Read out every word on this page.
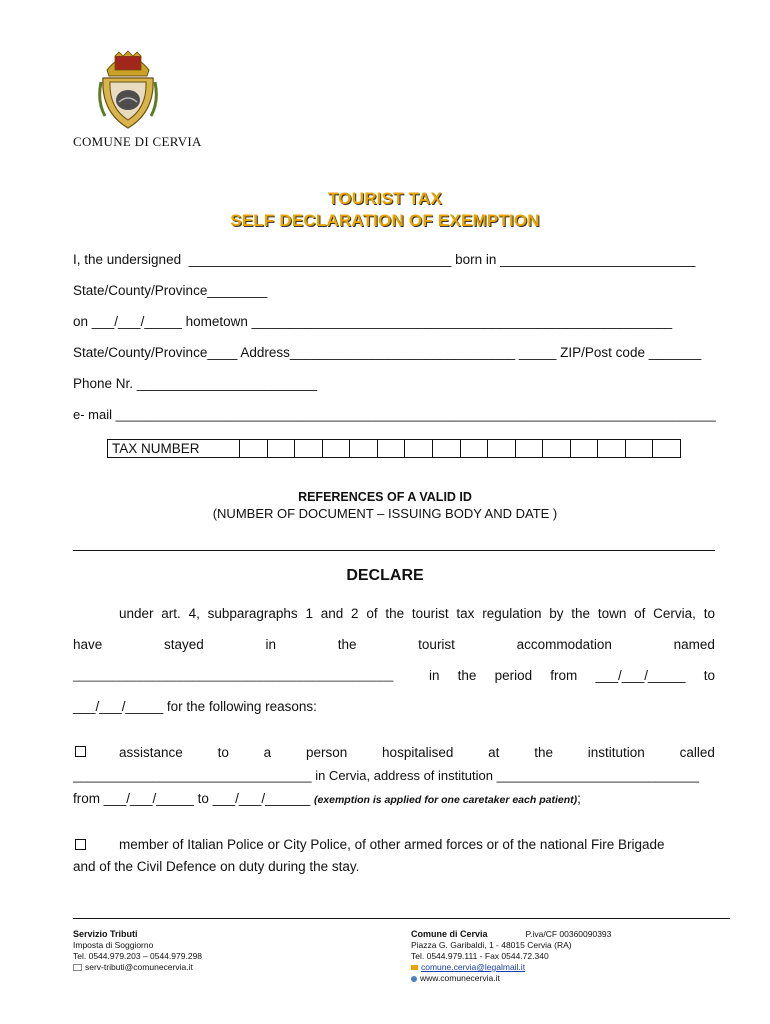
COMUNE DI CERVIA
TOURIST TAX
SELF DECLARATION OF EXEMPTION
I, the undersigned  ___________________________________ born in __________________________
State/County/Province________
on ___/___/_____ hometown ________________________________________________________
State/County/Province____ Address______________________________ _____ ZIP/Post code _______
Phone Nr. ________________________
e- mail ___________________________________________________________________________________
TAX NUMBER
REFERENCES OF A VALID ID
(NUMBER OF DOCUMENT – ISSUING BODY AND DATE )
DECLARE
under art. 4, subparagraphs 1 and 2 of the tourist tax regulation by the town of Cervia, to
have	stayed	in	the	tourist	accommodation	named
________________________________________________	in the period from ___/___/_____ to
___/___/_____ for the following reasons:
assistance	to	a	person	hospitalised	at	the	institution	called
_________________________________ in Cervia, address of institution ____________________________
from ___/___/_____ to ___/___/______ (exemption is applied for one caretaker each patient);
member of Italian Police or City Police, of other armed forces or of the national Fire Brigade
and of the Civil Defence on duty during the stay.
Servizio Tributi
Imposta di Soggiorno
Tel. 0544.979.203 – 0544.979.298
serv-tributi@comunecervia.it
Comune di Cervia	P.iva/CF 00360090393
Piazza G. Garibaldi, 1 - 48015 Cervia (RA)
Tel. 0544.979.111 - Fax 0544.72.340
comune.cervia@legalmail.it
www.comunecervia.it
